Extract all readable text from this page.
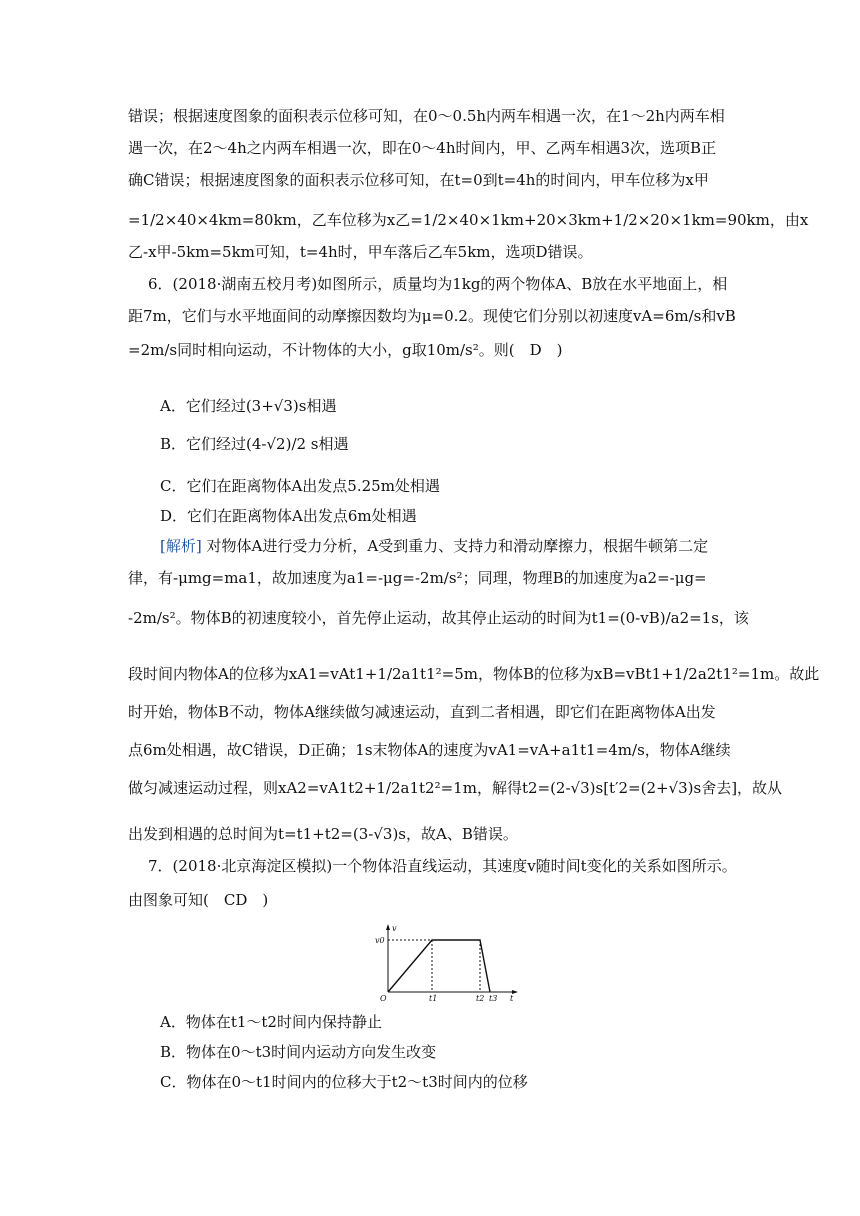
错误；根据速度图象的面积表示位移可知，在0～0.5h内两车相遇一次，在1～2h内两车相
遇一次，在2～4h之内两车相遇一次，即在0～4h时间内，甲、乙两车相遇3次，选项B正
确C错误；根据速度图象的面积表示位移可知，在t=0到t=4h的时间内，甲车位移为x甲
=1/2×40×4km=80km，乙车位移为x乙=1/2×40×1km+20×3km+1/2×20×1km=90km，由x
乙-x甲-5km=5km可知，t=4h时，甲车落后乙车5km，选项D错误。
6．(2018·湖南五校月考)如图所示，质量均为1kg的两个物体A、B放在水平地面上，相
距7m，它们与水平地面间的动摩擦因数均为μ=0.2。现使它们分别以初速度vA=6m/s和vB
=2m/s同时相向运动，不计物体的大小，g取10m/s²。则(　D　)
A．它们经过(3+√3)s相遇
B．它们经过(4-√2)/2 s相遇
C．它们在距离物体A出发点5.25m处相遇
D．它们在距离物体A出发点6m处相遇
[解析] 对物体A进行受力分析，A受到重力、支持力和滑动摩擦力，根据牛顿第二定
律，有-μmg=ma1，故加速度为a1=-μg=-2m/s²；同理，物理B的加速度为a2=-μg=
-2m/s²。物体B的初速度较小，首先停止运动，故其停止运动的时间为t1=(0-vB)/a2=1s，该
段时间内物体A的位移为xA1=vAt1+1/2a1t1²=5m，物体B的位移为xB=vBt1+1/2a2t1²=1m。故此
时开始，物体B不动，物体A继续做匀减速运动，直到二者相遇，即它们在距离物体A出发
点6m处相遇，故C错误，D正确；1s末物体A的速度为vA1=vA+a1t1=4m/s，物体A继续
做匀减速运动过程，则xA2=vA1t2+1/2a1t2²=1m，解得t2=(2-√3)s[t′2=(2+√3)s舍去]，故从
出发到相遇的总时间为t=t1+t2=(3-√3)s，故A、B错误。
7．(2018·北京海淀区模拟)一个物体沿直线运动，其速度v随时间t变化的关系如图所示。
由图象可知(　CD　)
v
t
O
v0
t1	t2 t3
A．物体在t1～t2时间内保持静止
B．物体在0～t3时间内运动方向发生改变
C．物体在0～t1时间内的位移大于t2～t3时间内的位移
